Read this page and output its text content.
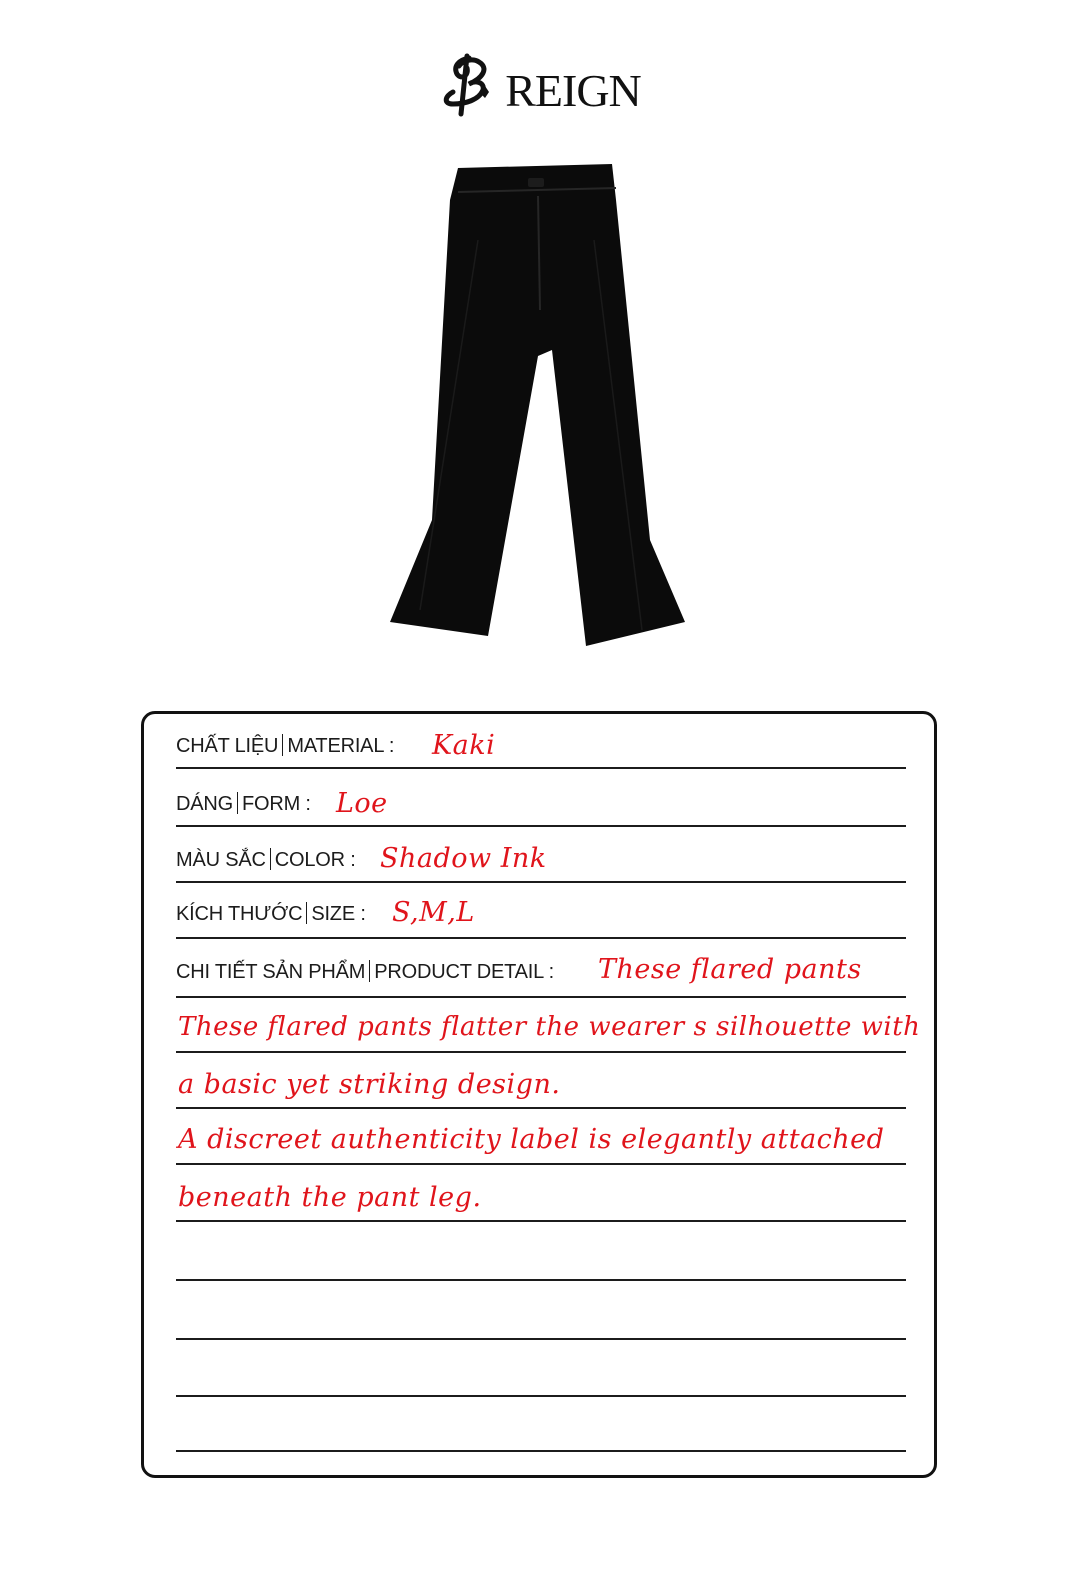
REIGN
CHẤT LIỆU MATERIAL : Kaki
DÁNG FORM : Loe
MÀU SẮC COLOR : Shadow Ink
KÍCH THƯỚC SIZE : S,M,L
CHI TIẾT SẢN PHẨM PRODUCT DETAIL : These flared pants
These flared pants flatter the wearer s silhouette with
a basic yet striking design.
A discreet authenticity label is elegantly attached
beneath the pant leg.
